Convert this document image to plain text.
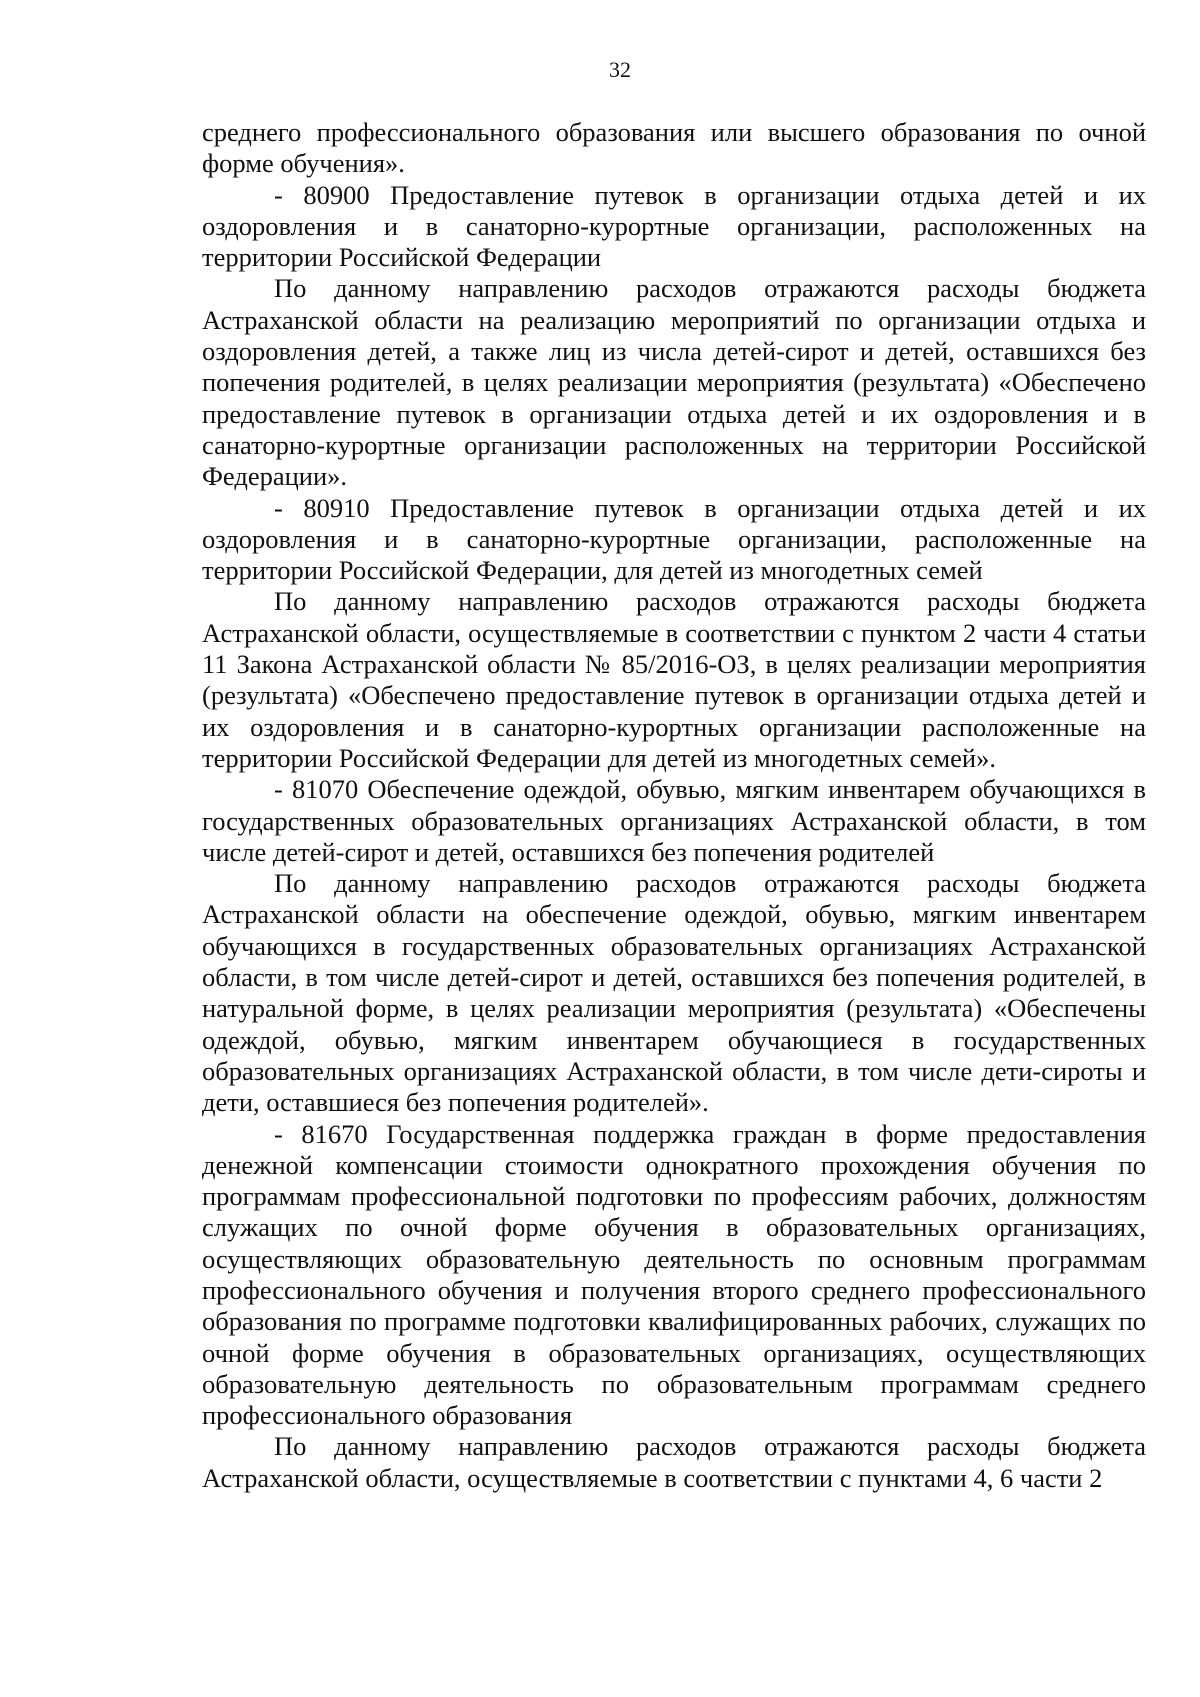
32

среднего профессионального образования или высшего образования по очной форме обучения».

- 80900 Предоставление путевок в организации отдыха детей и их оздоровления и в санаторно-курортные организации, расположенных на территории Российской Федерации

По данному направлению расходов отражаются расходы бюджета Астраханской области на реализацию мероприятий по организации отдыха и оздоровления детей, а также лиц из числа детей-сирот и детей, оставшихся без попечения родителей, в целях реализации мероприятия (результата) «Обеспечено предоставление путевок в организации отдыха детей и их оздоровления и в санаторно-курортные организации расположенных на территории Российской Федерации».

- 80910 Предоставление путевок в организации отдыха детей и их оздоровления и в санаторно-курортные организации, расположенные на территории Российской Федерации, для детей из многодетных семей

По данному направлению расходов отражаются расходы бюджета Астраханской области, осуществляемые в соответствии с пунктом 2 части 4 статьи 11 Закона Астраханской области № 85/2016-ОЗ, в целях реализации мероприятия (результата) «Обеспечено предоставление путевок в организации отдыха детей и их оздоровления и в санаторно-курортных организации расположенные на территории Российской Федерации для детей из многодетных семей».

- 81070 Обеспечение одеждой, обувью, мягким инвентарем обучающихся в государственных образовательных организациях Астраханской области, в том числе детей-сирот и детей, оставшихся без попечения родителей

По данному направлению расходов отражаются расходы бюджета Астраханской области на обеспечение одеждой, обувью, мягким инвентарем обучающихся в государственных образовательных организациях Астраханской области, в том числе детей-сирот и детей, оставшихся без попечения родителей, в натуральной форме, в целях реализации мероприятия (результата) «Обеспечены одеждой, обувью, мягким инвентарем обучающиеся в государственных образовательных организациях Астраханской области, в том числе дети-сироты и дети, оставшиеся без попечения родителей».

- 81670 Государственная поддержка граждан в форме предоставления денежной компенсации стоимости однократного прохождения обучения по программам профессиональной подготовки по профессиям рабочих, должностям служащих по очной форме обучения в образовательных организациях, осуществляющих образовательную деятельность по основным программам профессионального обучения и получения второго среднего профессионального образования по программе подготовки квалифицированных рабочих, служащих по очной форме обучения в образовательных организациях, осуществляющих образовательную деятельность по образовательным программам среднего профессионального образования

По данному направлению расходов отражаются расходы бюджета Астраханской области, осуществляемые в соответствии с пунктами 4, 6 части 2
